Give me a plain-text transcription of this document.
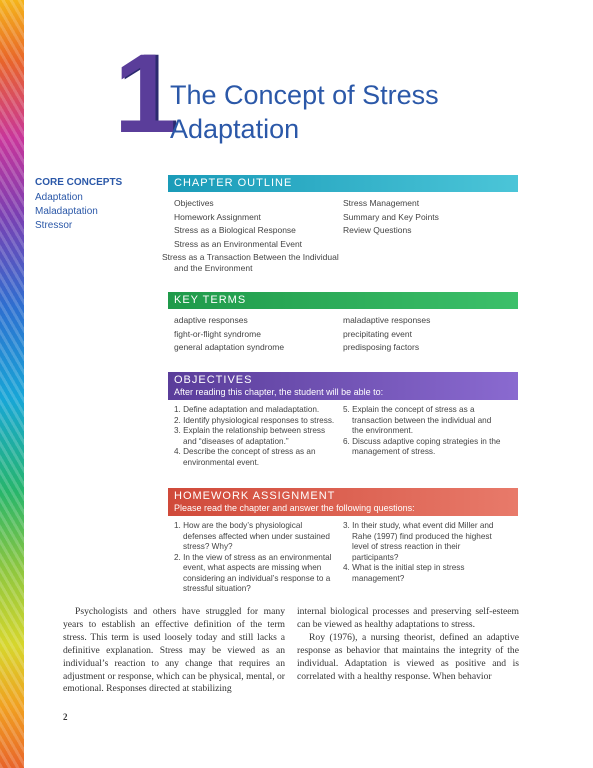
1
The Concept of Stress
Adaptation
CORE CONCEPTS
Adaptation
Maladaptation
Stressor
CHAPTER OUTLINE
Objectives
Homework Assignment
Stress as a Biological Response
Stress as an Environmental Event
Stress as a Transaction Between the Individual and the Environment
Stress Management
Summary and Key Points
Review Questions
KEY TERMS
adaptive responses
fight-or-flight syndrome
general adaptation syndrome
maladaptive responses
precipitating event
predisposing factors
OBJECTIVES
After reading this chapter, the student will be able to:
1. Define adaptation and maladaptation.
2. Identify physiological responses to stress.
3. Explain the relationship between stress and “diseases of adaptation.”
4. Describe the concept of stress as an environmental event.
5. Explain the concept of stress as a transaction between the individual and the environment.
6. Discuss adaptive coping strategies in the management of stress.
HOMEWORK ASSIGNMENT
Please read the chapter and answer the following questions:
1. How are the body’s physiological defenses affected when under sustained stress? Why?
2. In the view of stress as an environmental event, what aspects are missing when considering an individual’s response to a stressful situation?
3. In their study, what event did Miller and Rahe (1997) find produced the highest level of stress reaction in their participants?
4. What is the initial step in stress management?

Psychologists and others have struggled for many years to establish an effective definition of the term stress. This term is used loosely today and still lacks a definitive explanation. Stress may be viewed as an individual’s reaction to any change that requires an adjustment or response, which can be physical, mental, or emotional. Responses directed at stabilizing

internal biological processes and preserving self-esteem can be viewed as healthy adaptations to stress.

Roy (1976), a nursing theorist, defined an adaptive response as behavior that maintains the integrity of the individual. Adaptation is viewed as positive and is correlated with a healthy response. When behavior

2
